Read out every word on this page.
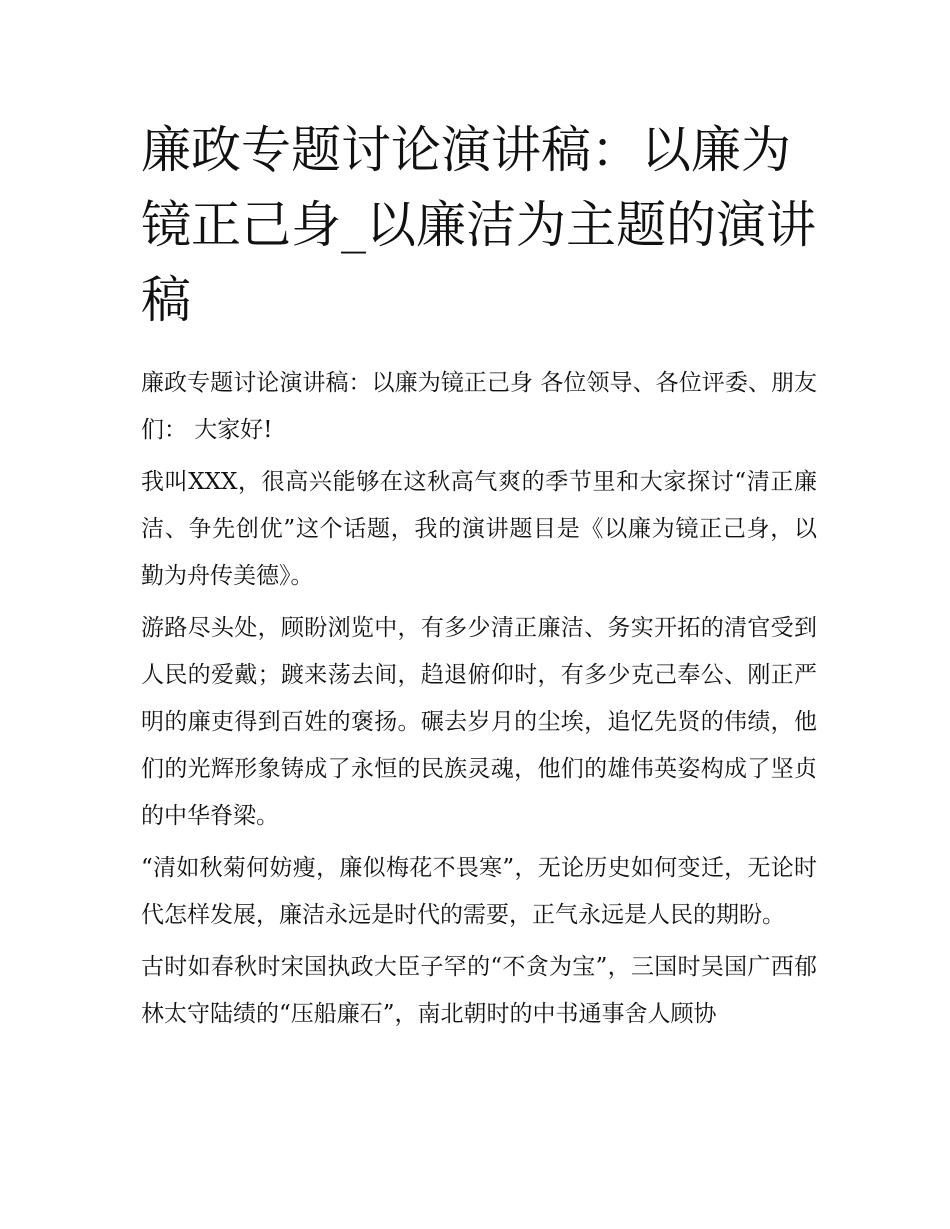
廉政专题讨论演讲稿：以廉为镜正己身_以廉洁为主题的演讲稿

廉政专题讨论演讲稿：以廉为镜正己身 各位领导、各位评委、朋友们： 大家好!

我叫XXX，很高兴能够在这秋高气爽的季节里和大家探讨“清正廉洁、争先创优”这个话题，我的演讲题目是《以廉为镜正己身，以勤为舟传美德》。

游路尽头处，顾盼浏览中，有多少清正廉洁、务实开拓的清官受到人民的爱戴；踱来荡去间，趋退俯仰时，有多少克己奉公、刚正严明的廉吏得到百姓的褒扬。碾去岁月的尘埃，追忆先贤的伟绩，他们的光辉形象铸成了永恒的民族灵魂，他们的雄伟英姿构成了坚贞的中华脊梁。

“清如秋菊何妨瘦，廉似梅花不畏寒”，无论历史如何变迁，无论时代怎样发展，廉洁永远是时代的需要，正气永远是人民的期盼。

古时如春秋时宋国执政大臣子罕的“不贪为宝”，三国时吴国广西郁林太守陆绩的“压船廉石”，南北朝时的中书通事舍人顾协
